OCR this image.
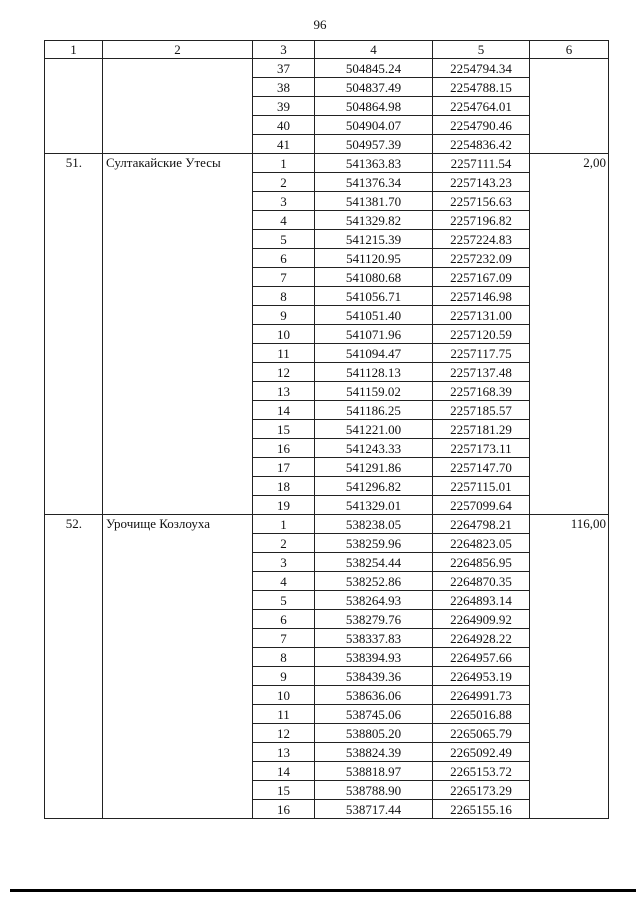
96
1	2	3	4	5	6
		37	504845.24	2254794.34	
		38	504837.49	2254788.15	
		39	504864.98	2254764.01	
		40	504904.07	2254790.46	
		41	504957.39	2254836.42	
51.	Султакайские Утесы	1	541363.83	2257111.54	2,00
		2	541376.34	2257143.23	
		3	541381.70	2257156.63	
		4	541329.82	2257196.82	
		5	541215.39	2257224.83	
		6	541120.95	2257232.09	
		7	541080.68	2257167.09	
		8	541056.71	2257146.98	
		9	541051.40	2257131.00	
		10	541071.96	2257120.59	
		11	541094.47	2257117.75	
		12	541128.13	2257137.48	
		13	541159.02	2257168.39	
		14	541186.25	2257185.57	
		15	541221.00	2257181.29	
		16	541243.33	2257173.11	
		17	541291.86	2257147.70	
		18	541296.82	2257115.01	
		19	541329.01	2257099.64	
52.	Урочище Козлоуха	1	538238.05	2264798.21	116,00
		2	538259.96	2264823.05	
		3	538254.44	2264856.95	
		4	538252.86	2264870.35	
		5	538264.93	2264893.14	
		6	538279.76	2264909.92	
		7	538337.83	2264928.22	
		8	538394.93	2264957.66	
		9	538439.36	2264953.19	
		10	538636.06	2264991.73	
		11	538745.06	2265016.88	
		12	538805.20	2265065.79	
		13	538824.39	2265092.49	
		14	538818.97	2265153.72	
		15	538788.90	2265173.29	
		16	538717.44	2265155.16	
